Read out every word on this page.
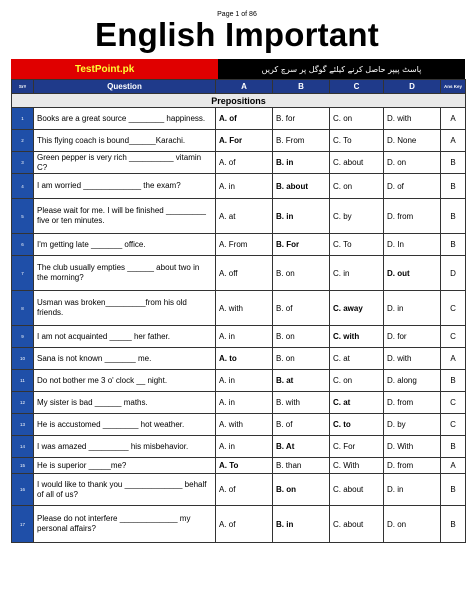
Page 1 of 86
English Important
TestPoint.pk	پاسٹ پیپر حاصل کرنے کیلئے گوگل پر سرچ کریں
Sr#	Question	A	B	C	D	Ans Key
Prepositions						
1	Books are a great source ________ happiness.	A. of	B. for	C. on	D. with	A
2	This flying coach is bound______Karachi.	A. For	B. From	C. To	D. None	A
3	Green pepper is very rich __________ vitamin C?	A. of	B. in	C. about	D. on	B
4	I am worried _____________ the exam?	A. in	B. about	C. on	D. of	B
5	Please wait for me. I will be finished _________ five or ten minutes.	A. at	B. in	C. by	D. from	B
6	I'm getting late _______ office.	A. From	B. For	C. To	D. In	B
7	The club usually empties ______ about two in the morning?	A. off	B. on	C. in	D. out	D
8	Usman was broken_________from his old friends.	A. with	B. of	C. away	D. in	C
9	I am not acquainted _____ her father.	A. in	B. on	C. with	D. for	C
10	Sana is not known _______ me.	A. to	B. on	C. at	D. with	A
11	Do not bother me 3 o' clock __ night.	A. in	B. at	C. on	D. along	B
12	My sister is bad ______ maths.	A. in	B. with	C. at	D. from	C
13	He is accustomed ________ hot weather.	A. with	B. of	C. to	D. by	C
14	I was amazed _________ his misbehavior.	A. in	B. At	C. For	D. With	B
15	He is superior _____me?	A. To	B. than	C. With	D. from	A
16	I would like to thank you _____________ behalf of all of us?	A. of	B. on	C. about	D. in	B
17	Please do not interfere _____________ my personal affairs?	A. of	B. in	C. about	D. on	B
